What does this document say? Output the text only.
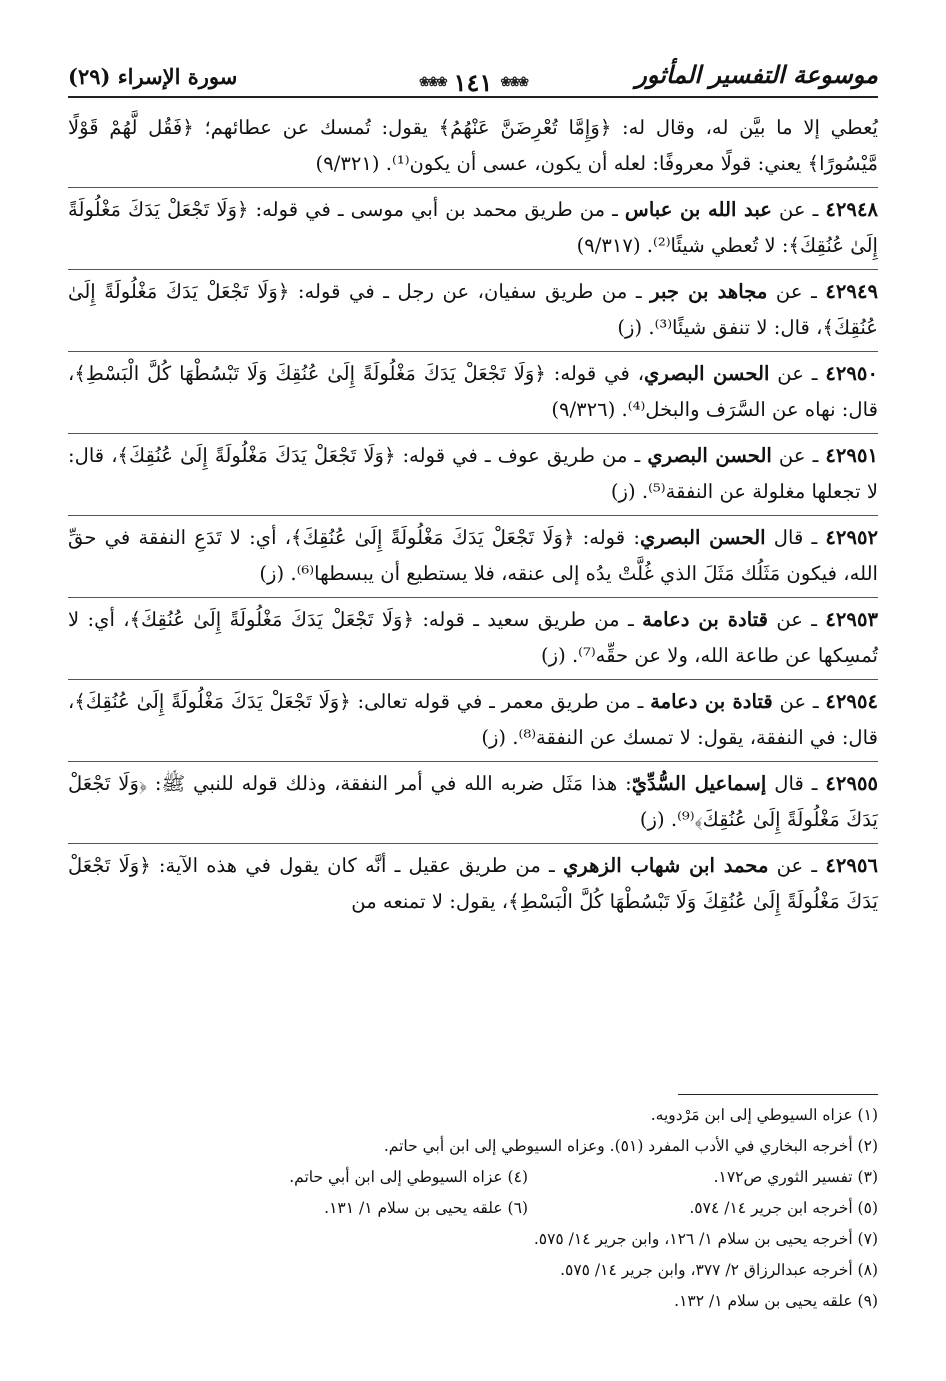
موسوعة التفسير المأثور
❀❀❀
١٤١
❀❀❀
سورة الإسراء (٢٩)

يُعطي إلا ما بيَّن له، وقال له: ﴿وَإِمَّا تُعْرِضَنَّ عَنْهُمُ﴾ يقول: تُمسك عن عطائهم؛ ﴿فَقُل لَّهُمْ قَوْلًا مَّيْسُورًا﴾ يعني: قولًا معروفًا: لعله أن يكون، عسى أن يكون⁽¹⁾. (٩/٣٢١)

٤٢٩٤٨ ـ عن عبد الله بن عباس ـ من طريق محمد بن أبي موسى ـ في قوله: ﴿وَلَا تَجْعَلْ يَدَكَ مَغْلُولَةً إِلَىٰ عُنُقِكَ﴾: لا تُعطي شيئًا⁽²⁾. (٩/٣١٧)

٤٢٩٤٩ ـ عن مجاهد بن جبر ـ من طريق سفيان، عن رجل ـ في قوله: ﴿وَلَا تَجْعَلْ يَدَكَ مَغْلُولَةً إِلَىٰ عُنُقِكَ﴾، قال: لا تنفق شيئًا⁽³⁾. (ز)

٤٢٩٥٠ ـ عن الحسن البصري، في قوله: ﴿وَلَا تَجْعَلْ يَدَكَ مَغْلُولَةً إِلَىٰ عُنُقِكَ وَلَا تَبْسُطْهَا كُلَّ الْبَسْطِ﴾، قال: نهاه عن السَّرَف والبخل⁽⁴⁾. (٩/٣٢٦)

٤٢٩٥١ ـ عن الحسن البصري ـ من طريق عوف ـ في قوله: ﴿وَلَا تَجْعَلْ يَدَكَ مَغْلُولَةً إِلَىٰ عُنُقِكَ﴾، قال: لا تجعلها مغلولة عن النفقة⁽⁵⁾. (ز)

٤٢٩٥٢ ـ قال الحسن البصري: قوله: ﴿وَلَا تَجْعَلْ يَدَكَ مَغْلُولَةً إِلَىٰ عُنُقِكَ﴾، أي: لا تَدَعِ النفقة في حقِّ الله، فيكون مَثَلُك مَثَلَ الذي غُلَّتْ يدُه إلى عنقه، فلا يستطيع أن يبسطها⁽⁶⁾. (ز)

٤٢٩٥٣ ـ عن قتادة بن دعامة ـ من طريق سعيد ـ قوله: ﴿وَلَا تَجْعَلْ يَدَكَ مَغْلُولَةً إِلَىٰ عُنُقِكَ﴾، أي: لا تُمسِكها عن طاعة الله، ولا عن حقِّه⁽⁷⁾. (ز)

٤٢٩٥٤ ـ عن قتادة بن دعامة ـ من طريق معمر ـ في قوله تعالى: ﴿وَلَا تَجْعَلْ يَدَكَ مَغْلُولَةً إِلَىٰ عُنُقِكَ﴾، قال: في النفقة، يقول: لا تمسك عن النفقة⁽⁸⁾. (ز)

٤٢٩٥٥ ـ قال إسماعيل السُّدِّيّ: هذا مَثَل ضربه الله في أمر النفقة، وذلك قوله للنبي ﷺ: ﴿وَلَا تَجْعَلْ يَدَكَ مَغْلُولَةً إِلَىٰ عُنُقِكَ﴾⁽⁹⁾. (ز)

٤٢٩٥٦ ـ عن محمد ابن شهاب الزهري ـ من طريق عقيل ـ أنَّه كان يقول في هذه الآية: ﴿وَلَا تَجْعَلْ يَدَكَ مَغْلُولَةً إِلَىٰ عُنُقِكَ وَلَا تَبْسُطْهَا كُلَّ الْبَسْطِ﴾، يقول: لا تمنعه من

(١) عزاه السيوطي إلى ابن مَرْدويه.
(٢) أخرجه البخاري في الأدب المفرد (٥١). وعزاه السيوطي إلى ابن أبي حاتم.
(٣) تفسير الثوري ص١٧٢.
(٤) عزاه السيوطي إلى ابن أبي حاتم.
(٥) أخرجه ابن جرير ١٤/ ٥٧٤.
(٦) علقه يحيى بن سلام ١/ ١٣١.
(٧) أخرجه يحيى بن سلام ١/ ١٢٦، وابن جرير ١٤/ ٥٧٥.
(٨) أخرجه عبدالرزاق ٢/ ٣٧٧، وابن جرير ١٤/ ٥٧٥.
(٩) علقه يحيى بن سلام ١/ ١٣٢.
